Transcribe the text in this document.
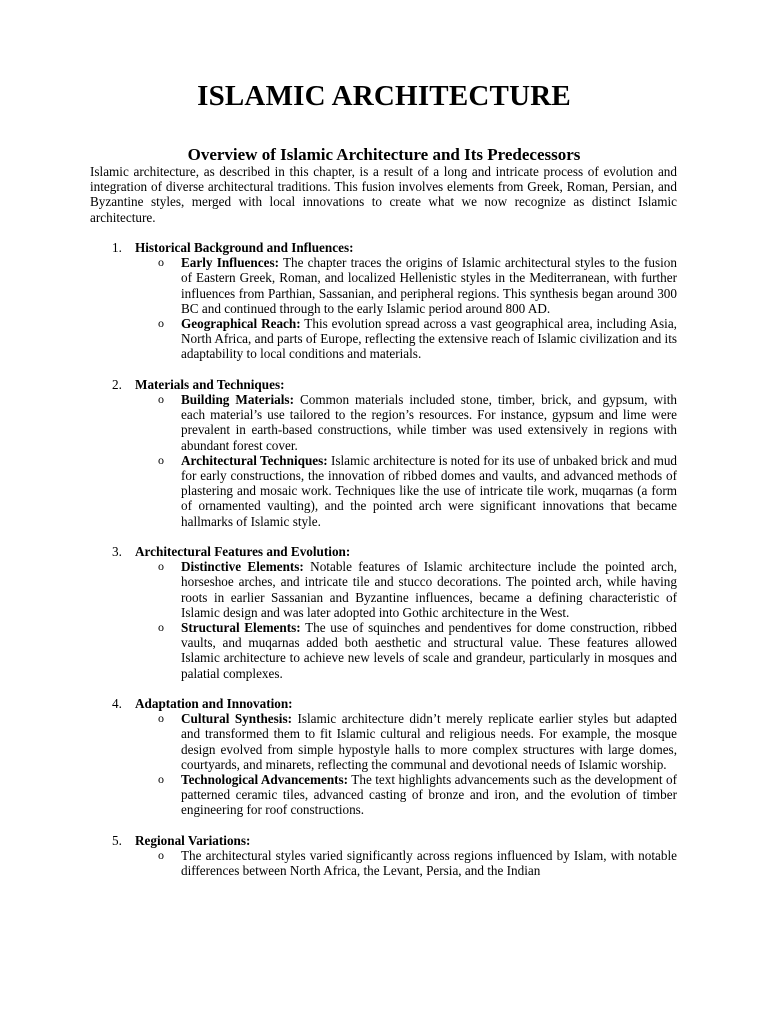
ISLAMIC ARCHITECTURE
Overview of Islamic Architecture and Its Predecessors
Islamic architecture, as described in this chapter, is a result of a long and intricate process of evolution and integration of diverse architectural traditions. This fusion involves elements from Greek, Roman, Persian, and Byzantine styles, merged with local innovations to create what we now recognize as distinct Islamic architecture.
1. Historical Background and Influences:
o Early Influences: The chapter traces the origins of Islamic architectural styles to the fusion of Eastern Greek, Roman, and localized Hellenistic styles in the Mediterranean, with further influences from Parthian, Sassanian, and peripheral regions. This synthesis began around 300 BC and continued through to the early Islamic period around 800 AD.
o Geographical Reach: This evolution spread across a vast geographical area, including Asia, North Africa, and parts of Europe, reflecting the extensive reach of Islamic civilization and its adaptability to local conditions and materials.
2. Materials and Techniques:
o Building Materials: Common materials included stone, timber, brick, and gypsum, with each material’s use tailored to the region’s resources. For instance, gypsum and lime were prevalent in earth-based constructions, while timber was used extensively in regions with abundant forest cover.
o Architectural Techniques: Islamic architecture is noted for its use of unbaked brick and mud for early constructions, the innovation of ribbed domes and vaults, and advanced methods of plastering and mosaic work. Techniques like the use of intricate tile work, muqarnas (a form of ornamented vaulting), and the pointed arch were significant innovations that became hallmarks of Islamic style.
3. Architectural Features and Evolution:
o Distinctive Elements: Notable features of Islamic architecture include the pointed arch, horseshoe arches, and intricate tile and stucco decorations. The pointed arch, while having roots in earlier Sassanian and Byzantine influences, became a defining characteristic of Islamic design and was later adopted into Gothic architecture in the West.
o Structural Elements: The use of squinches and pendentives for dome construction, ribbed vaults, and muqarnas added both aesthetic and structural value. These features allowed Islamic architecture to achieve new levels of scale and grandeur, particularly in mosques and palatial complexes.
4. Adaptation and Innovation:
o Cultural Synthesis: Islamic architecture didn’t merely replicate earlier styles but adapted and transformed them to fit Islamic cultural and religious needs. For example, the mosque design evolved from simple hypostyle halls to more complex structures with large domes, courtyards, and minarets, reflecting the communal and devotional needs of Islamic worship.
o Technological Advancements: The text highlights advancements such as the development of patterned ceramic tiles, advanced casting of bronze and iron, and the evolution of timber engineering for roof constructions.
5. Regional Variations:
o The architectural styles varied significantly across regions influenced by Islam, with notable differences between North Africa, the Levant, Persia, and the Indian
